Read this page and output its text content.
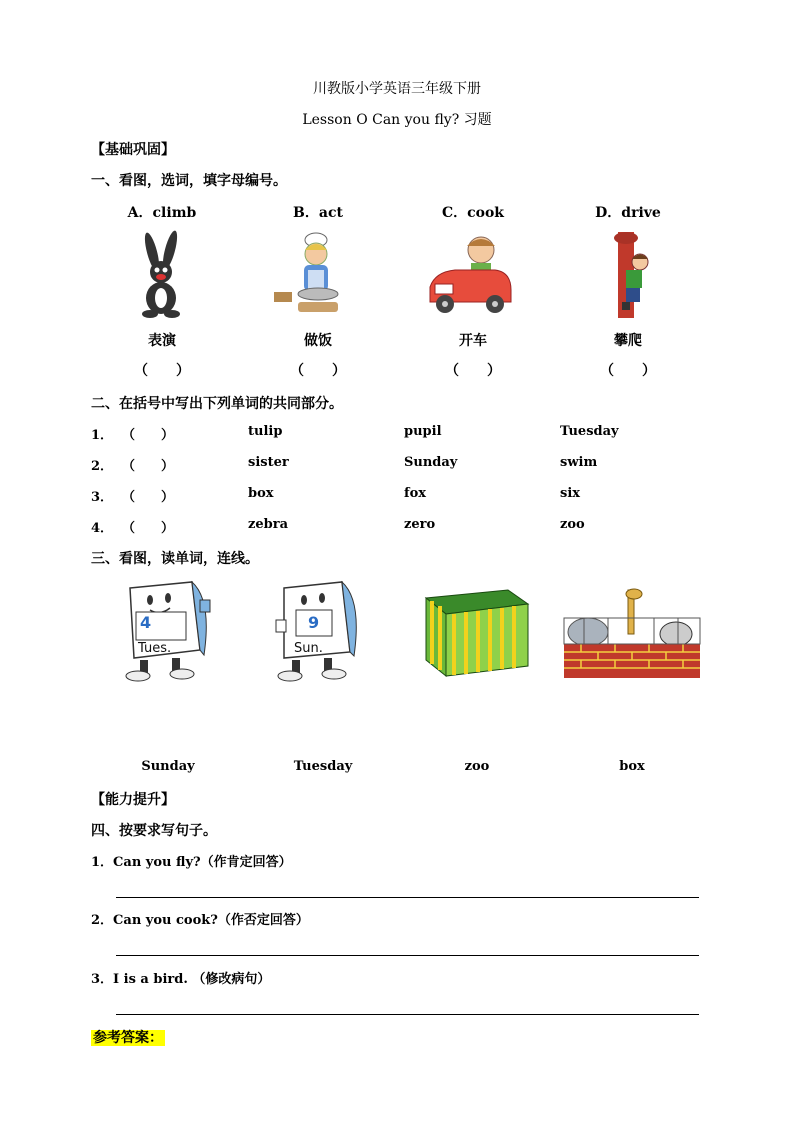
川教版小学英语三年级下册
Lesson O Can you fly? 习题
【基础巩固】
一、看图，选词，填字母编号。
A．climb	B．act	C．cook	D．drive
表演	做饭	开车	攀爬
（　　）	（　　）	（　　）	（　　）
二、在括号中写出下列单词的共同部分。
1． （　　）	tulip	pupil	Tuesday
2． （　　）	sister	Sunday	swim
3． （　　）	box	fox	six
4． （　　）	zebra	zero	zoo
三、看图，读单词，连线。
4
Tues.
9
Sun.
Sunday	Tuesday	zoo	box
【能力提升】
四、按要求写句子。
1．Can you fly?（作肯定回答）
2．Can you cook?（作否定回答）
3．I is a bird. （修改病句）
参考答案：
